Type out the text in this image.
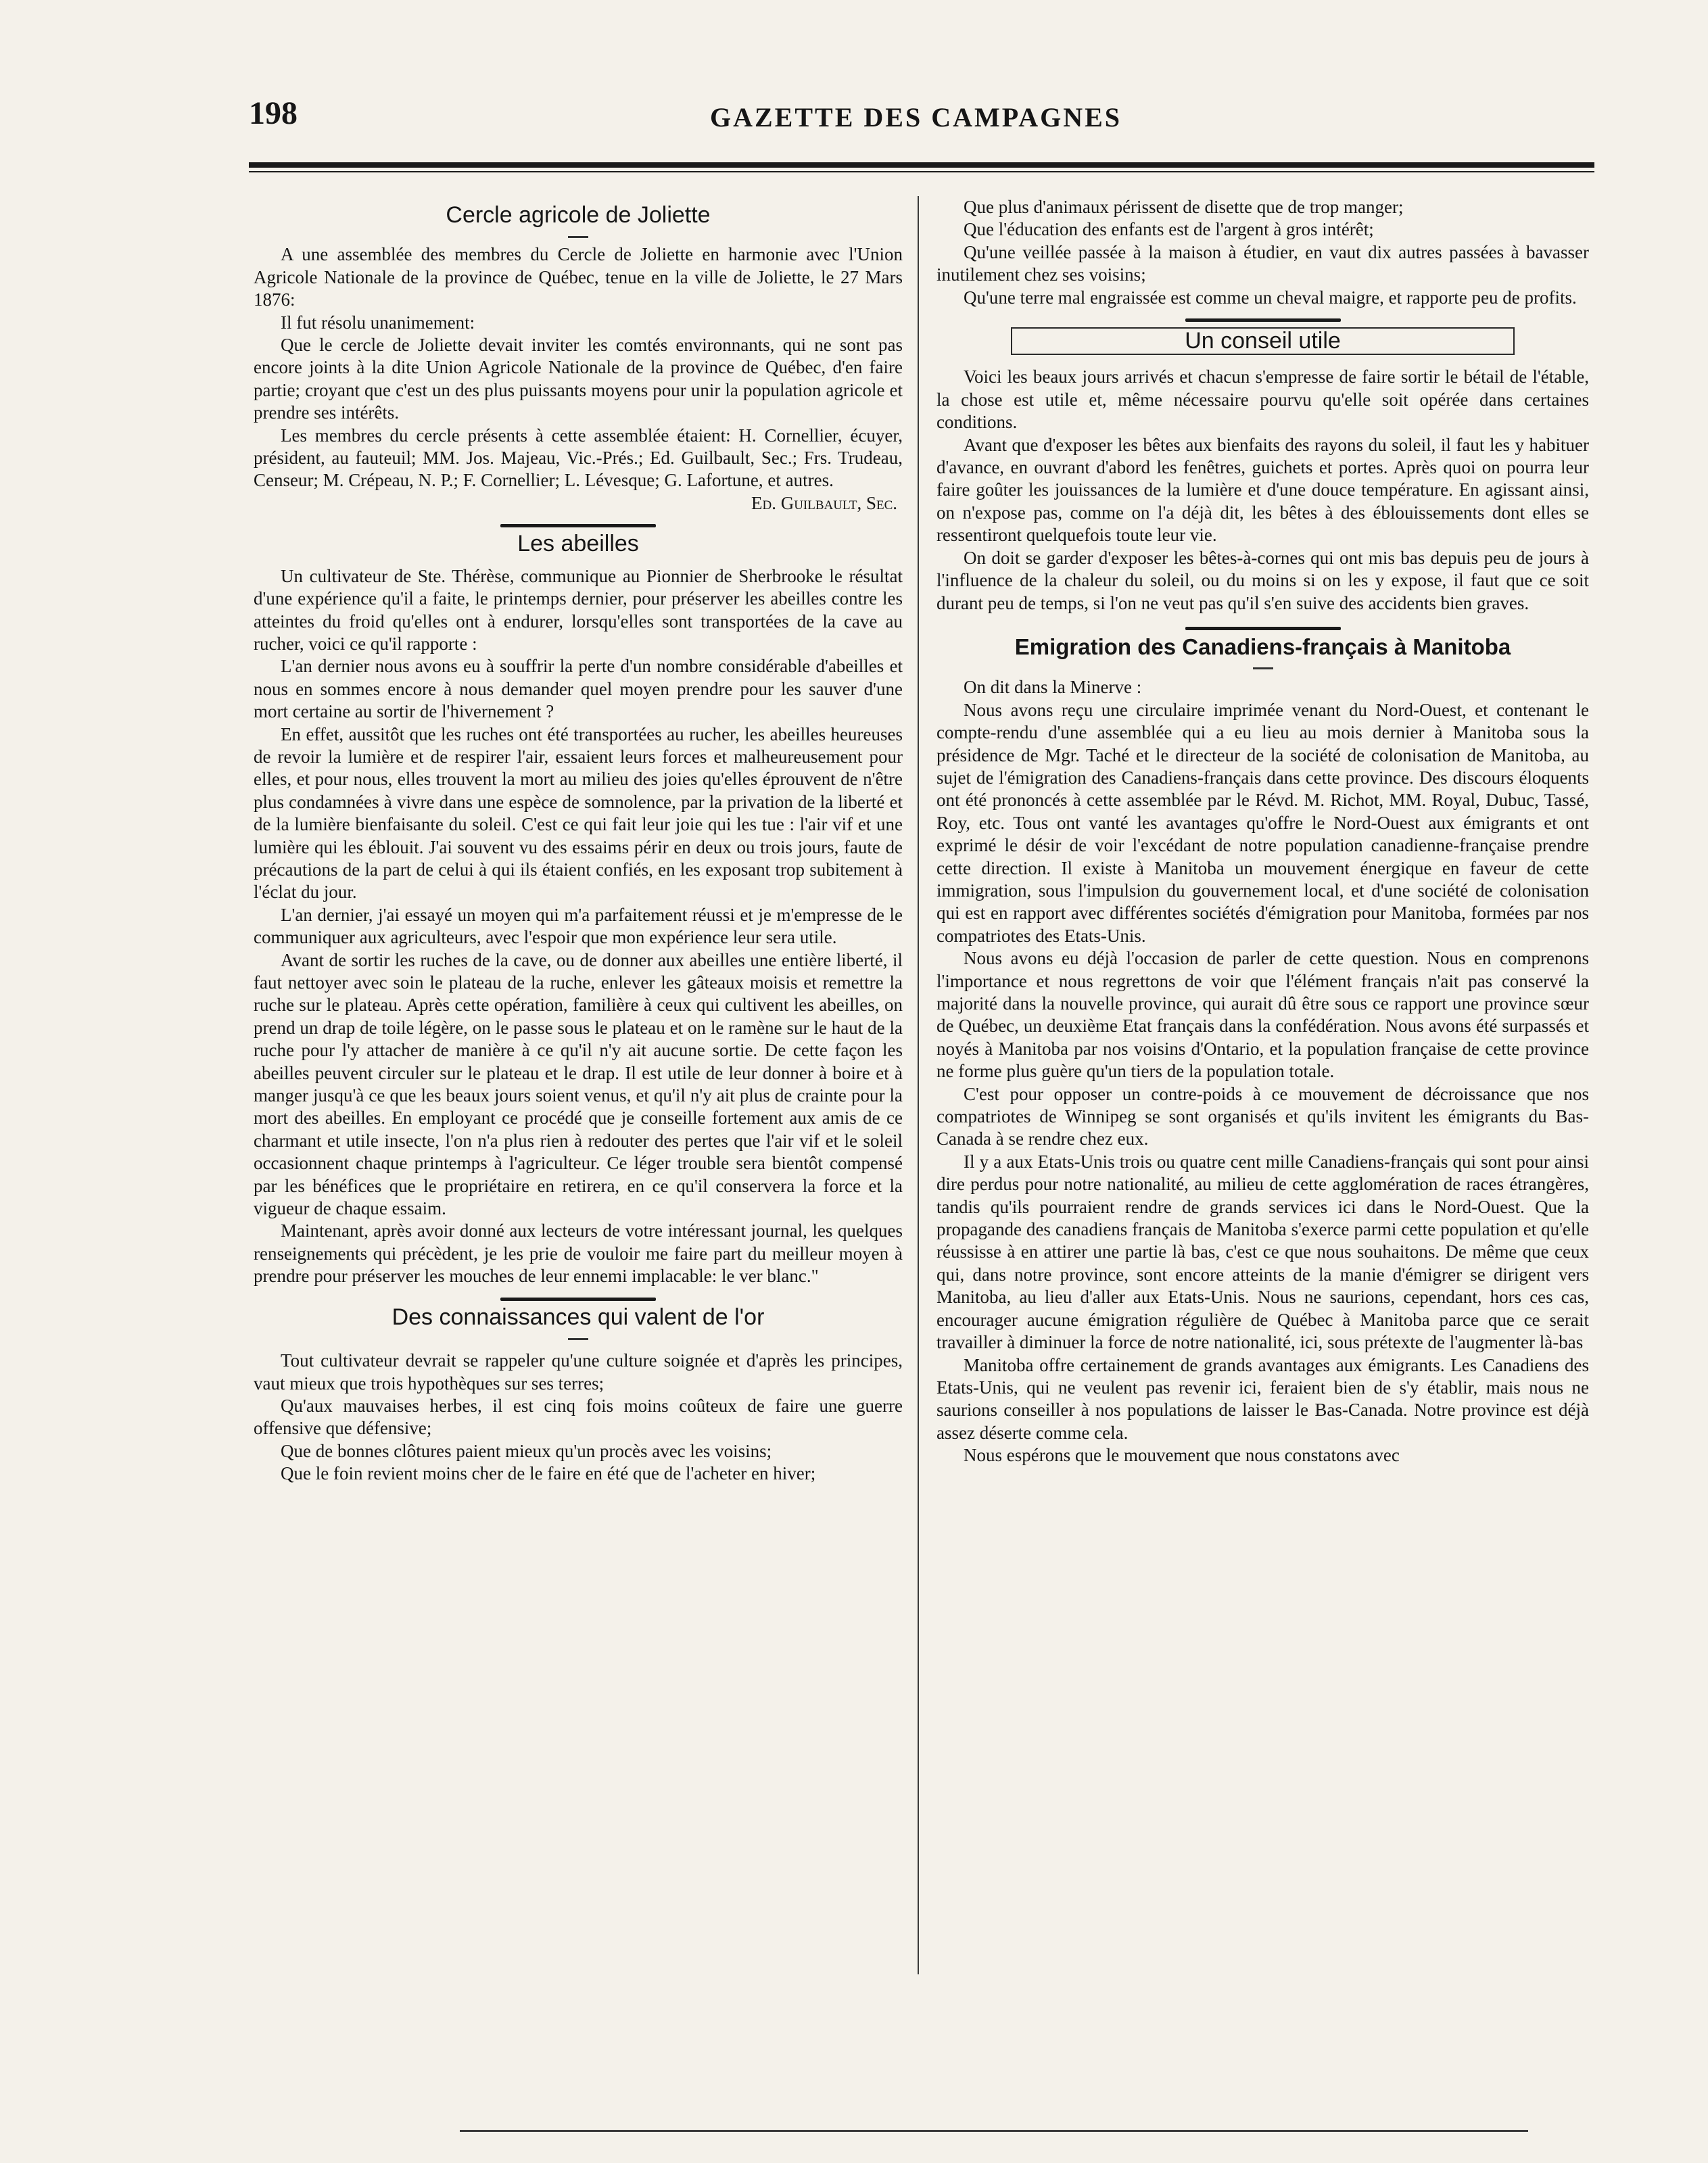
198	GAZETTE DES CAMPAGNES
Cercle agricole de Joliette

A une assemblée des membres du Cercle de Joliette en harmonie avec l'Union Agricole Nationale de la province de Québec, tenue en la ville de Joliette, le 27 Mars 1876:

Il fut résolu unanimement:

Que le cercle de Joliette devait inviter les comtés environnants, qui ne sont pas encore joints à la dite Union Agricole Nationale de la province de Québec, d'en faire partie; croyant que c'est un des plus puissants moyens pour unir la population agricole et prendre ses intérêts.

Les membres du cercle présents à cette assemblée étaient: H. Cornellier, écuyer, président, au fauteuil; MM. Jos. Majeau, Vic.-Prés.; Ed. Guilbault, Sec.; Frs. Trudeau, Censeur; M. Crépeau, N. P.; F. Cornellier; L. Lévesque; G. Lafortune, et autres.

Ed. Guilbault, Sec.

Les abeilles

Un cultivateur de Ste. Thérèse, communique au Pionnier de Sherbrooke le résultat d'une expérience qu'il a faite, le printemps dernier, pour préserver les abeilles contre les atteintes du froid qu'elles ont à endurer, lorsqu'elles sont transportées de la cave au rucher, voici ce qu'il rapporte :

L'an dernier nous avons eu à souffrir la perte d'un nombre considérable d'abeilles et nous en sommes encore à nous demander quel moyen prendre pour les sauver d'une mort certaine au sortir de l'hivernement ?

En effet, aussitôt que les ruches ont été transportées au rucher, les abeilles heureuses de revoir la lumière et de respirer l'air, essaient leurs forces et malheureusement pour elles, et pour nous, elles trouvent la mort au milieu des joies qu'elles éprouvent de n'être plus condamnées à vivre dans une espèce de somnolence, par la privation de la liberté et de la lumière bienfaisante du soleil. C'est ce qui fait leur joie qui les tue : l'air vif et une lumière qui les éblouit. J'ai souvent vu des essaims périr en deux ou trois jours, faute de précautions de la part de celui à qui ils étaient confiés, en les exposant trop subitement à l'éclat du jour.

L'an dernier, j'ai essayé un moyen qui m'a parfaitement réussi et je m'empresse de le communiquer aux agriculteurs, avec l'espoir que mon expérience leur sera utile.

Avant de sortir les ruches de la cave, ou de donner aux abeilles une entière liberté, il faut nettoyer avec soin le plateau de la ruche, enlever les gâteaux moisis et remettre la ruche sur le plateau. Après cette opération, familière à ceux qui cultivent les abeilles, on prend un drap de toile légère, on le passe sous le plateau et on le ramène sur le haut de la ruche pour l'y attacher de manière à ce qu'il n'y ait aucune sortie. De cette façon les abeilles peuvent circuler sur le plateau et le drap. Il est utile de leur donner à boire et à manger jusqu'à ce que les beaux jours soient venus, et qu'il n'y ait plus de crainte pour la mort des abeilles. En employant ce procédé que je conseille fortement aux amis de ce charmant et utile insecte, l'on n'a plus rien à redouter des pertes que l'air vif et le soleil occasionnent chaque printemps à l'agriculteur. Ce léger trouble sera bientôt compensé par les bénéfices que le propriétaire en retirera, en ce qu'il conservera la force et la vigueur de chaque essaim.

Maintenant, après avoir donné aux lecteurs de votre intéressant journal, les quelques renseignements qui précèdent, je les prie de vouloir me faire part du meilleur moyen à prendre pour préserver les mouches de leur ennemi implacable: le ver blanc."

Des connaissances qui valent de l'or

Tout cultivateur devrait se rappeler qu'une culture soignée et d'après les principes, vaut mieux que trois hypothèques sur ses terres;

Qu'aux mauvaises herbes, il est cinq fois moins coûteux de faire une guerre offensive que défensive;

Que de bonnes clôtures paient mieux qu'un procès avec les voisins;

Que le foin revient moins cher de le faire en été que de l'acheter en hiver;

Que plus d'animaux périssent de disette que de trop manger;

Que l'éducation des enfants est de l'argent à gros intérêt;

Qu'une veillée passée à la maison à étudier, en vaut dix autres passées à bavasser inutilement chez ses voisins;

Qu'une terre mal engraissée est comme un cheval maigre, et rapporte peu de profits.

Un conseil utile

Voici les beaux jours arrivés et chacun s'empresse de faire sortir le bétail de l'étable, la chose est utile et, même nécessaire pourvu qu'elle soit opérée dans certaines conditions.

Avant que d'exposer les bêtes aux bienfaits des rayons du soleil, il faut les y habituer d'avance, en ouvrant d'abord les fenêtres, guichets et portes. Après quoi on pourra leur faire goûter les jouissances de la lumière et d'une douce température. En agissant ainsi, on n'expose pas, comme on l'a déjà dit, les bêtes à des éblouissements dont elles se ressentiront quelquefois toute leur vie.

On doit se garder d'exposer les bêtes-à-cornes qui ont mis bas depuis peu de jours à l'influence de la chaleur du soleil, ou du moins si on les y expose, il faut que ce soit durant peu de temps, si l'on ne veut pas qu'il s'en suive des accidents bien graves.

Emigration des Canadiens-français à Manitoba

On dit dans la Minerve :

Nous avons reçu une circulaire imprimée venant du Nord-Ouest, et contenant le compte-rendu d'une assemblée qui a eu lieu au mois dernier à Manitoba sous la présidence de Mgr. Taché et le directeur de la société de colonisation de Manitoba, au sujet de l'émigration des Canadiens-français dans cette province. Des discours éloquents ont été prononcés à cette assemblée par le Révd. M. Richot, MM. Royal, Dubuc, Tassé, Roy, etc. Tous ont vanté les avantages qu'offre le Nord-Ouest aux émigrants et ont exprimé le désir de voir l'excédant de notre population canadienne-française prendre cette direction. Il existe à Manitoba un mouvement énergique en faveur de cette immigration, sous l'impulsion du gouvernement local, et d'une société de colonisation qui est en rapport avec différentes sociétés d'émigration pour Manitoba, formées par nos compatriotes des Etats-Unis.

Nous avons eu déjà l'occasion de parler de cette question. Nous en comprenons l'importance et nous regrettons de voir que l'élément français n'ait pas conservé la majorité dans la nouvelle province, qui aurait dû être sous ce rapport une province sœur de Québec, un deuxième Etat français dans la confédération. Nous avons été surpassés et noyés à Manitoba par nos voisins d'Ontario, et la population française de cette province ne forme plus guère qu'un tiers de la population totale.

C'est pour opposer un contre-poids à ce mouvement de décroissance que nos compatriotes de Winnipeg se sont organisés et qu'ils invitent les émigrants du Bas-Canada à se rendre chez eux.

Il y a aux Etats-Unis trois ou quatre cent mille Canadiens-français qui sont pour ainsi dire perdus pour notre nationalité, au milieu de cette agglomération de races étrangères, tandis qu'ils pourraient rendre de grands services ici dans le Nord-Ouest. Que la propagande des canadiens français de Manitoba s'exerce parmi cette population et qu'elle réussisse à en attirer une partie là bas, c'est ce que nous souhaitons. De même que ceux qui, dans notre province, sont encore atteints de la manie d'émigrer se dirigent vers Manitoba, au lieu d'aller aux Etats-Unis. Nous ne saurions, cependant, hors ces cas, encourager aucune émigration régulière de Québec à Manitoba parce que ce serait travailler à diminuer la force de notre nationalité, ici, sous prétexte de l'augmenter là-bas

Manitoba offre certainement de grands avantages aux émigrants. Les Canadiens des Etats-Unis, qui ne veulent pas revenir ici, feraient bien de s'y établir, mais nous ne saurions conseiller à nos populations de laisser le Bas-Canada. Notre province est déjà assez déserte comme cela.

Nous espérons que le mouvement que nous constatons avec
